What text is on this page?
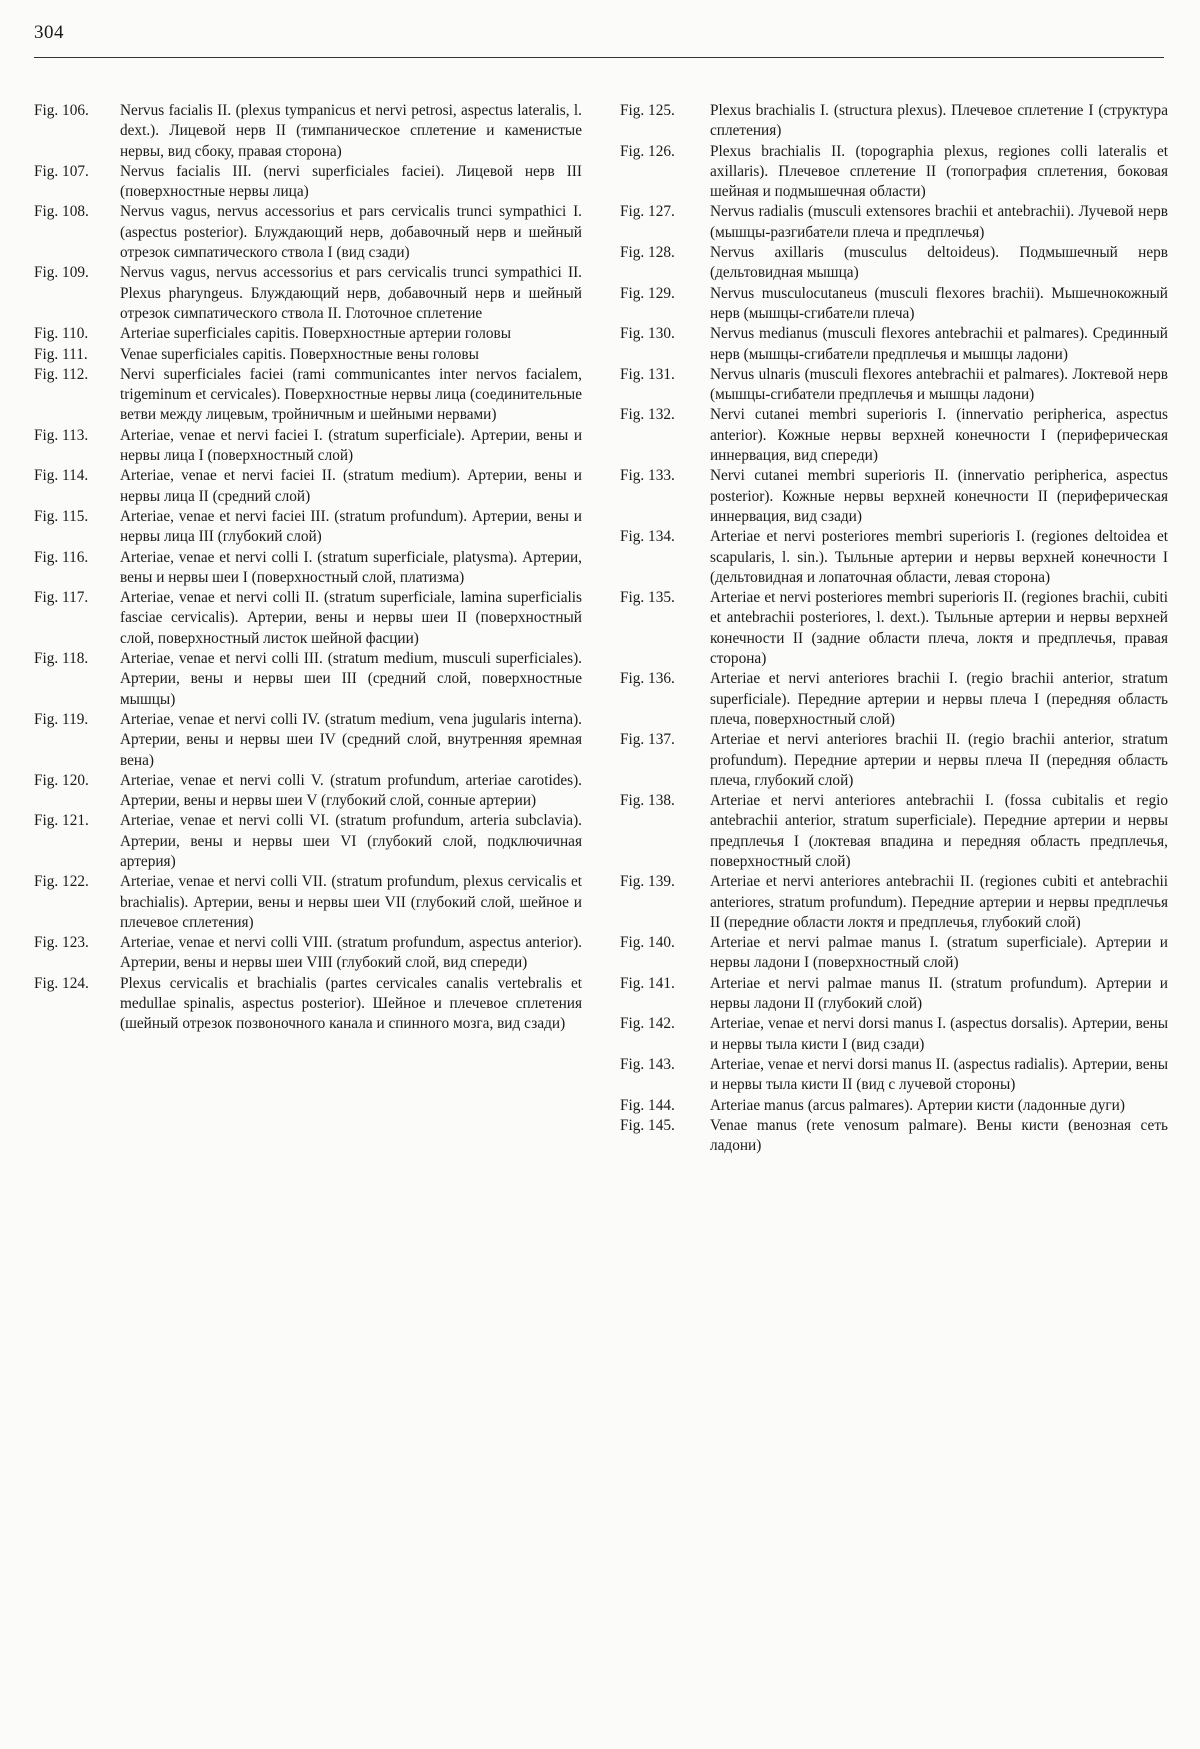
304
Fig. 106.	Nervus facialis II. (plexus tympanicus et nervi petrosi, aspectus lateralis, l. dext.). Лицевой нерв II (тимпаническое сплетение и каменистые нервы, вид сбоку, правая сторона)
Fig. 107.	Nervus facialis III. (nervi superficiales faciei). Лицевой нерв III (поверхностные нервы лица)
Fig. 108.	Nervus vagus, nervus accessorius et pars cervicalis trunci sympathici I. (aspectus posterior). Блуждающий нерв, добавочный нерв и шейный отрезок симпатического ствола I (вид сзади)
Fig. 109.	Nervus vagus, nervus accessorius et pars cervicalis trunci sympathici II. Plexus pharyngeus. Блуждающий нерв, добавочный нерв и шейный отрезок симпатического ствола II. Глоточное сплетение
Fig. 110.	Arteriae superficiales capitis. Поверхностные артерии головы
Fig. 111.	Venae superficiales capitis. Поверхностные вены головы
Fig. 112.	Nervi superficiales faciei (rami communicantes inter nervos facialem, trigeminum et cervicales). Поверхностные нервы лица (соединительные ветви между лицевым, тройничным и шейными нервами)
Fig. 113.	Arteriae, venae et nervi faciei I. (stratum superficiale). Артерии, вены и нервы лица I (поверхностный слой)
Fig. 114.	Arteriae, venae et nervi faciei II. (stratum medium). Артерии, вены и нервы лица II (средний слой)
Fig. 115.	Arteriae, venae et nervi faciei III. (stratum profundum). Артерии, вены и нервы лица III (глубокий слой)
Fig. 116.	Arteriae, venae et nervi colli I. (stratum superficiale, platysma). Артерии, вены и нервы шеи I (поверхностный слой, платизма)
Fig. 117.	Arteriae, venae et nervi colli II. (stratum superficiale, lamina superficialis fasciae cervicalis). Артерии, вены и нервы шеи II (поверхностный слой, поверхностный листок шейной фасции)
Fig. 118.	Arteriae, venae et nervi colli III. (stratum medium, musculi superficiales). Артерии, вены и нервы шеи III (средний слой, поверхностные мышцы)
Fig. 119.	Arteriae, venae et nervi colli IV. (stratum medium, vena jugularis interna). Артерии, вены и нервы шеи IV (средний слой, внутренняя яремная вена)
Fig. 120.	Arteriae, venae et nervi colli V. (stratum profundum, arteriae carotides). Артерии, вены и нервы шеи V (глубокий слой, сонные артерии)
Fig. 121.	Arteriae, venae et nervi colli VI. (stratum profundum, arteria subclavia). Артерии, вены и нервы шеи VI (глубокий слой, подключичная артерия)
Fig. 122.	Arteriae, venae et nervi colli VII. (stratum profundum, plexus cervicalis et brachialis). Артерии, вены и нервы шеи VII (глубокий слой, шейное и плечевое сплетения)
Fig. 123.	Arteriae, venae et nervi colli VIII. (stratum profundum, aspectus anterior). Артерии, вены и нервы шеи VIII (глубокий слой, вид спереди)
Fig. 124.	Plexus cervicalis et brachialis (partes cervicales canalis vertebralis et medullae spinalis, aspectus posterior). Шейное и плечевое сплетения (шейный отрезок позвоночного канала и спинного мозга, вид сзади)
Fig. 125.	Plexus brachialis I. (structura plexus). Плечевое сплетение I (структура сплетения)
Fig. 126.	Plexus brachialis II. (topographia plexus, regiones colli lateralis et axillaris). Плечевое сплетение II (топография сплетения, боковая шейная и подмышечная области)
Fig. 127.	Nervus radialis (musculi extensores brachii et antebrachii). Лучевой нерв (мышцы-разгибатели плеча и предплечья)
Fig. 128.	Nervus axillaris (musculus deltoideus). Подмышечный нерв (дельтовидная мышца)
Fig. 129.	Nervus musculocutaneus (musculi flexores brachii). Мышечнокожный нерв (мышцы-сгибатели плеча)
Fig. 130.	Nervus medianus (musculi flexores antebrachii et palmares). Срединный нерв (мышцы-сгибатели предплечья и мышцы ладони)
Fig. 131.	Nervus ulnaris (musculi flexores antebrachii et palmares). Локтевой нерв (мышцы-сгибатели предплечья и мышцы ладони)
Fig. 132.	Nervi cutanei membri superioris I. (innervatio peripherica, aspectus anterior). Кожные нервы верхней конечности I (периферическая иннервация, вид спереди)
Fig. 133.	Nervi cutanei membri superioris II. (innervatio peripherica, aspectus posterior). Кожные нервы верхней конечности II (периферическая иннервация, вид сзади)
Fig. 134.	Arteriae et nervi posteriores membri superioris I. (regiones deltoidea et scapularis, l. sin.). Тыльные артерии и нервы верхней конечности I (дельтовидная и лопаточная области, левая сторона)
Fig. 135.	Arteriae et nervi posteriores membri superioris II. (regiones brachii, cubiti et antebrachii posteriores, l. dext.). Тыльные артерии и нервы верхней конечности II (задние области плеча, локтя и предплечья, правая сторона)
Fig. 136.	Arteriae et nervi anteriores brachii I. (regio brachii anterior, stratum superficiale). Передние артерии и нервы плеча I (передняя область плеча, поверхностный слой)
Fig. 137.	Arteriae et nervi anteriores brachii II. (regio brachii anterior, stratum profundum). Передние артерии и нервы плеча II (передняя область плеча, глубокий слой)
Fig. 138.	Arteriae et nervi anteriores antebrachii I. (fossa cubitalis et regio antebrachii anterior, stratum superficiale). Передние артерии и нервы предплечья I (локтевая впадина и передняя область предплечья, поверхностный слой)
Fig. 139.	Arteriae et nervi anteriores antebrachii II. (regiones cubiti et antebrachii anteriores, stratum profundum). Передние артерии и нервы предплечья II (передние области локтя и предплечья, глубокий слой)
Fig. 140.	Arteriae et nervi palmae manus I. (stratum superficiale). Артерии и нервы ладони I (поверхностный слой)
Fig. 141.	Arteriae et nervi palmae manus II. (stratum profundum). Артерии и нервы ладони II (глубокий слой)
Fig. 142.	Arteriae, venae et nervi dorsi manus I. (aspectus dorsalis). Артерии, вены и нервы тыла кисти I (вид сзади)
Fig. 143.	Arteriae, venae et nervi dorsi manus II. (aspectus radialis). Артерии, вены и нервы тыла кисти II (вид с лучевой стороны)
Fig. 144.	Arteriae manus (arcus palmares). Артерии кисти (ладонные дуги)
Fig. 145.	Venae manus (rete venosum palmare). Вены кисти (венозная сеть ладони)
